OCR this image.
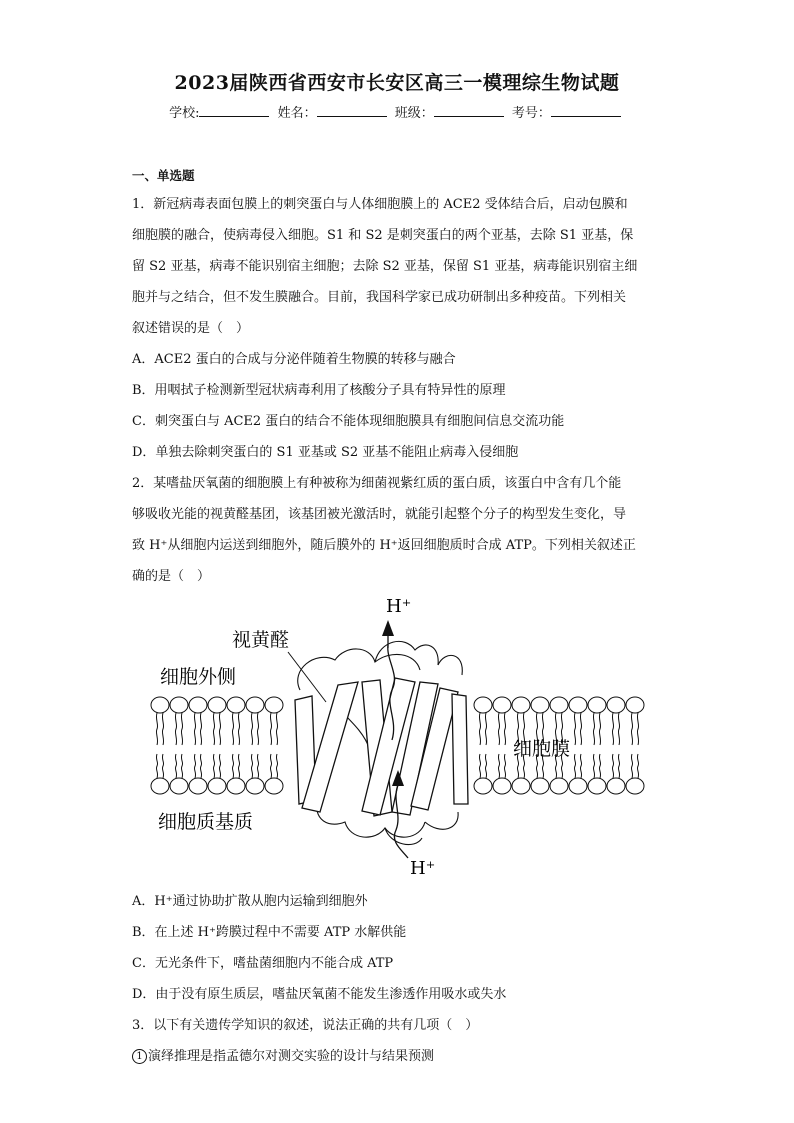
2023届陕西省西安市长安区高三一模理综生物试题
学校:	姓名：	班级：	考号：
一、单选题
1．新冠病毒表面包膜上的刺突蛋白与人体细胞膜上的 ACE2 受体结合后，启动包膜和
细胞膜的融合，使病毒侵入细胞。S1 和 S2 是刺突蛋白的两个亚基，去除 S1 亚基，保
留 S2 亚基，病毒不能识别宿主细胞；去除 S2 亚基，保留 S1 亚基，病毒能识别宿主细
胞并与之结合，但不发生膜融合。目前，我国科学家已成功研制出多种疫苗。下列相关
叙述错误的是（　）
A．ACE2 蛋白的合成与分泌伴随着生物膜的转移与融合
B．用咽拭子检测新型冠状病毒利用了核酸分子具有特异性的原理
C．刺突蛋白与 ACE2 蛋白的结合不能体现细胞膜具有细胞间信息交流功能
D．单独去除刺突蛋白的 S1 亚基或 S2 亚基不能阻止病毒入侵细胞
2．某嗜盐厌氧菌的细胞膜上有种被称为细菌视紫红质的蛋白质，该蛋白中含有几个能
够吸收光能的视黄醛基团，该基团被光激活时，就能引起整个分子的构型发生变化，导
致 H⁺从细胞内运送到细胞外，随后膜外的 H⁺返回细胞质时合成 ATP。下列相关叙述正
确的是（　）
H⁺
H⁺
视黄醛
细胞外侧
细胞膜
细胞质基质
A．H⁺通过协助扩散从胞内运输到细胞外
B．在上述 H⁺跨膜过程中不需要 ATP 水解供能
C．无光条件下，嗜盐菌细胞内不能合成 ATP
D．由于没有原生质层，嗜盐厌氧菌不能发生渗透作用吸水或失水
3．以下有关遗传学知识的叙述，说法正确的共有几项（　）
1 演绎推理是指孟德尔对测交实验的设计与结果预测
